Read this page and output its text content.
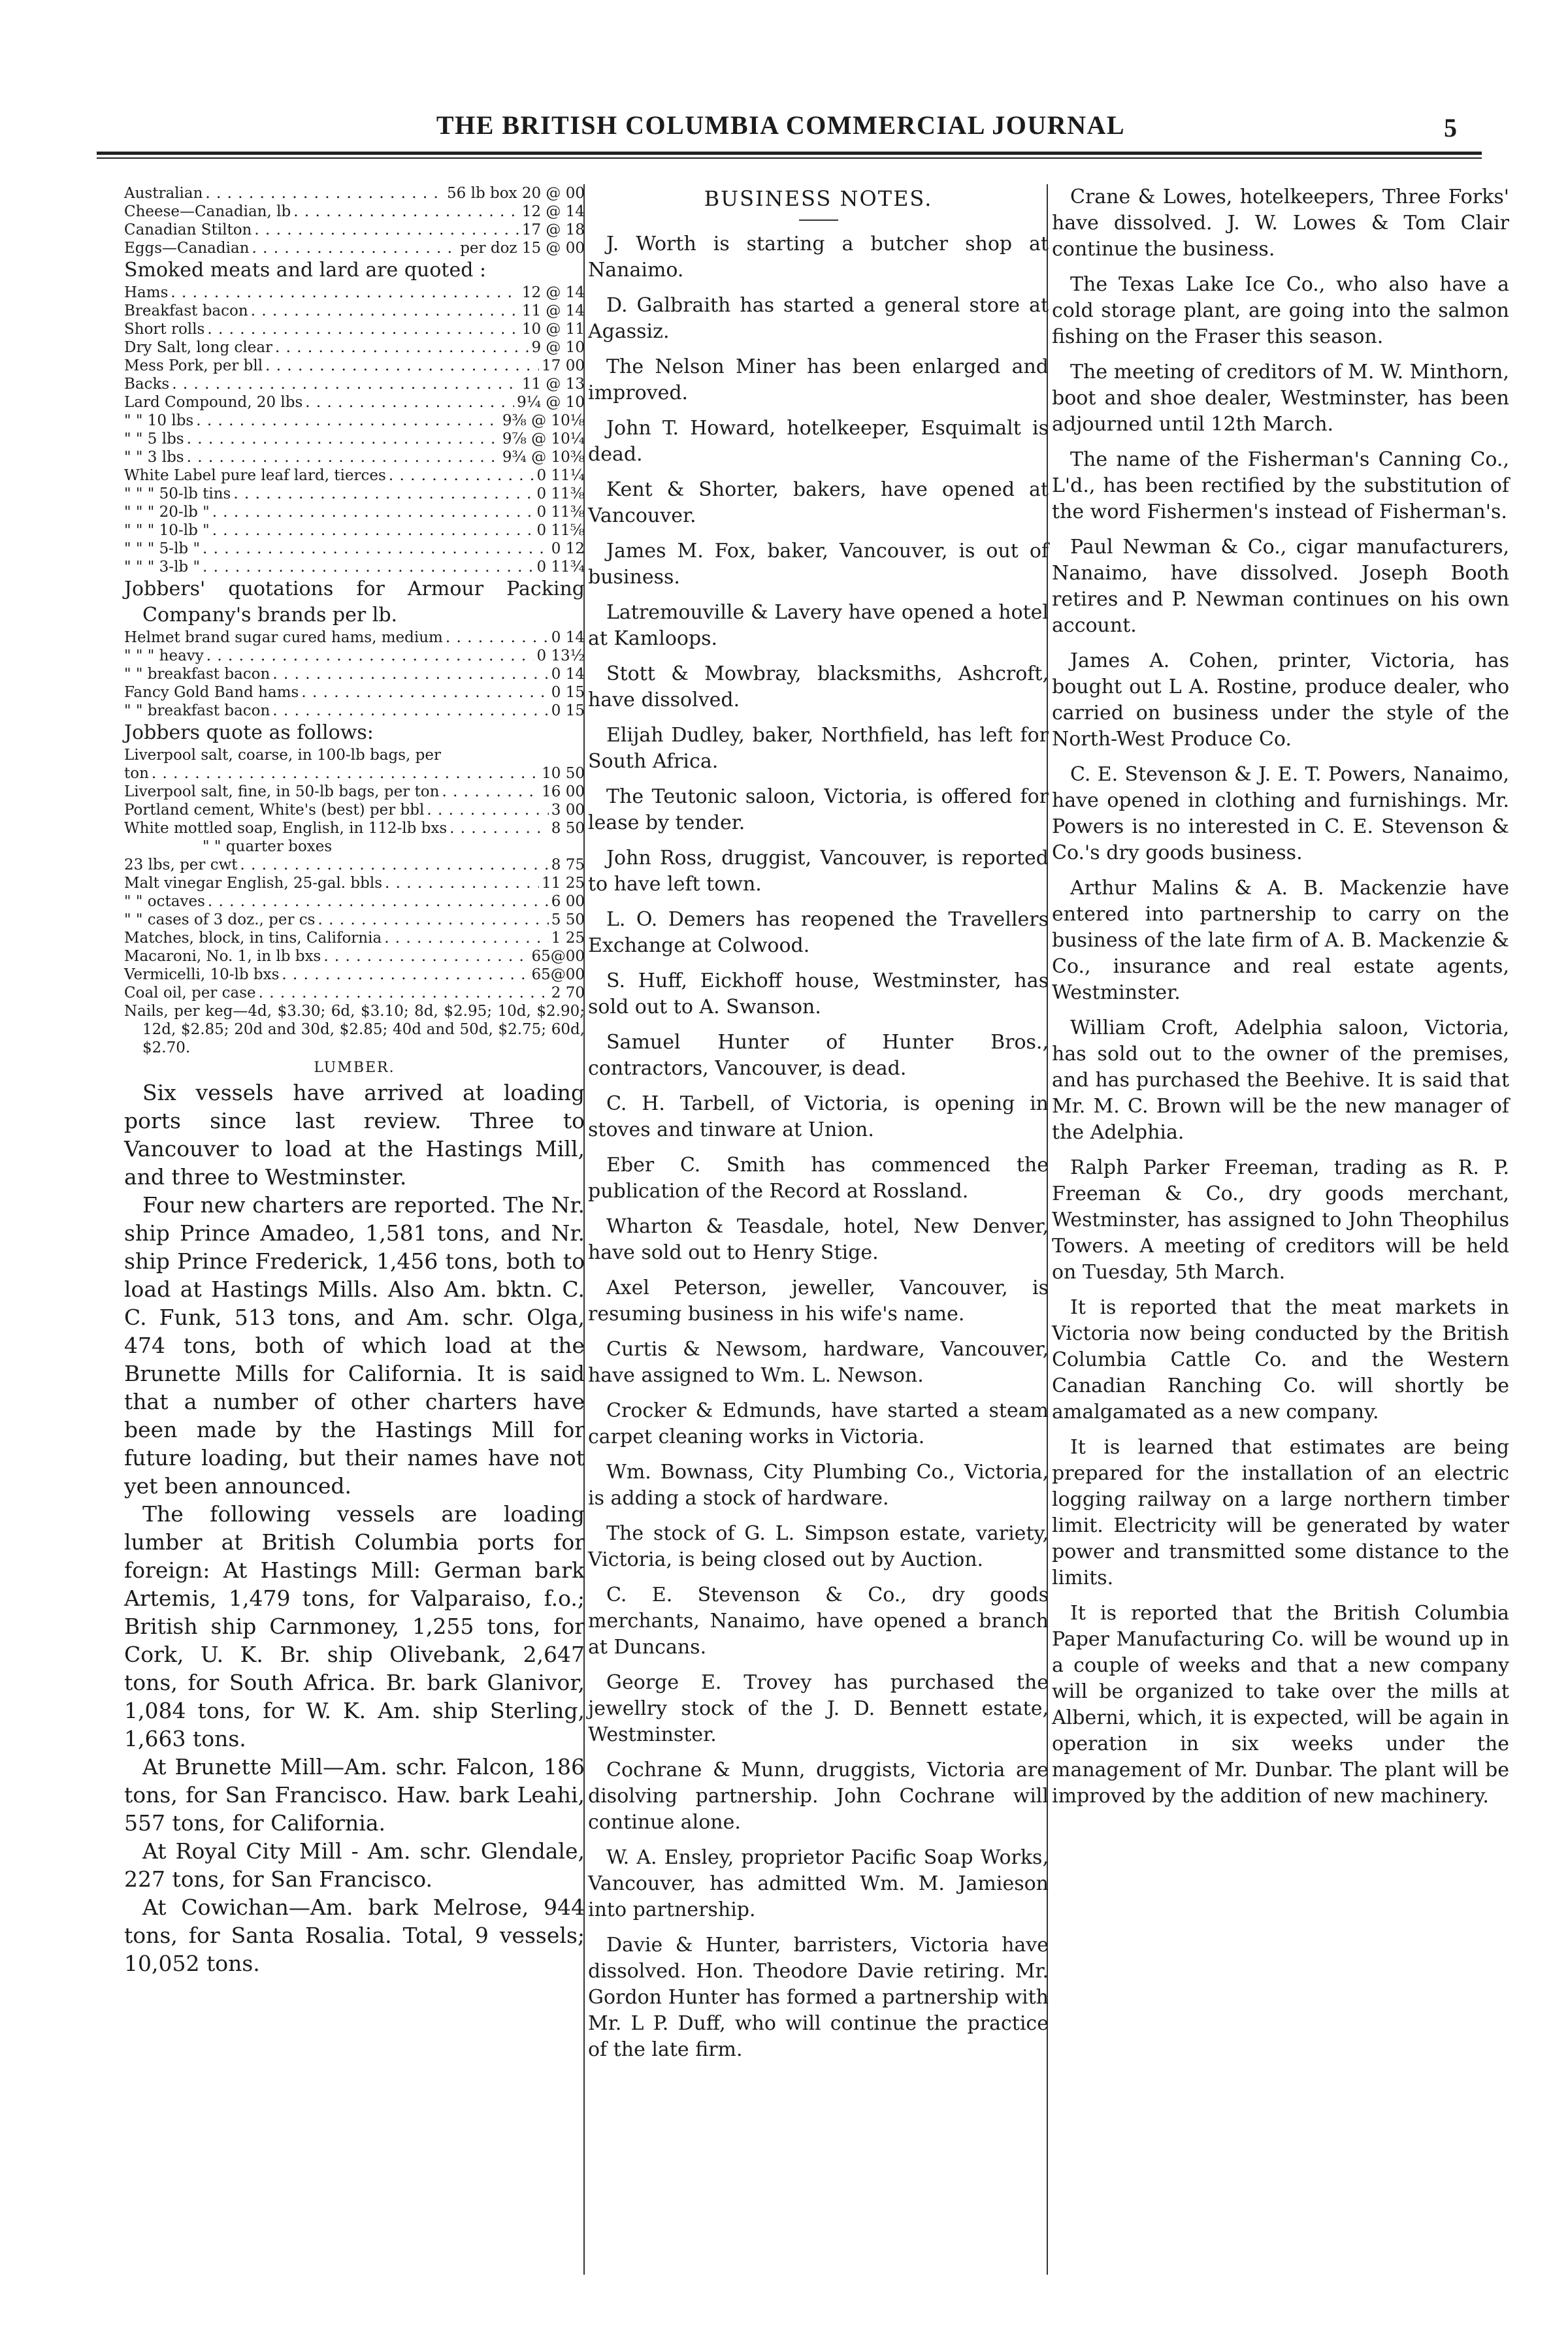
THE BRITISH COLUMBIA COMMERCIAL JOURNAL	5
Australian . . .	56 lb box 20 @ 00
Cheese—Canadian, lb . . .	12 @ 14
Canadian Stilton . . .	17 @ 18
Eggs—Canadian . . .	per doz 15 @ 00
Smoked meats and lard are quoted :
Hams . . .	12 @ 14
Breakfast bacon . . .	11 @ 14
Short rolls . . .	10 @ 11
Dry Salt, long clear . . .	9 @ 10
Mess Pork, per bll . . .	17 00
Backs . . .	11 @ 13
Lard Compound, 20 lbs . . .	9¼ @ 10
" " 10 lbs . . .	9⅜ @ 10⅛
" " 5 lbs . . .	9⅞ @ 10¼
" " 3 lbs . . .	9¾ @ 10⅜
White Label pure leaf lard, tierces . . .	0 11¼
" " " 50-lb tins . . .	0 11⅜
" " " 20-lb " . . .	0 11⅜
" " " 10-lb " . . .	0 11⅝
" " " 5-lb " . . .	0 12
" " " 3-lb " . . .	0 11¾
Jobbers' quotations for Armour Packing Company's brands per lb.
Helmet brand sugar cured hams, medium . . .	0 14
" " " heavy . . .	0 13½
" " breakfast bacon . . .	0 14
Fancy Gold Band hams . . .	0 15
" " breakfast bacon . . .	0 15
Jobbers quote as follows:
Liverpool salt, coarse, in 100-lb bags, per
ton . . .	10 50
Liverpool salt, fine, in 50-lb bags, per ton . . .	16 00
Portland cement, White's (best) per bbl . . .	3 00
White mottled soap, English, in 112-lb bxs . . .	8 50
" " quarter boxes
23 lbs, per cwt . . .	8 75
Malt vinegar English, 25-gal. bbls . . .	11 25
" " octaves . . .	6 00
" " cases of 3 doz., per cs . . .	5 50
Matches, block, in tins, California . . .	1 25
Macaroni, No. 1, in lb bxs . . .	65@00
Vermicelli, 10-lb bxs . . .	65@00
Coal oil, per case . . .	2 70
Nails, per keg—4d, $3.30; 6d, $3.10; 8d, $2.95; 10d, $2.90; 12d, $2.85; 20d and 30d, $2.85; 40d and 50d, $2.75; 60d, $2.70.
LUMBER.
Six vessels have arrived at loading ports since last review. Three to Vancouver to load at the Hastings Mill, and three to Westminster.
Four new charters are reported. The Nr. ship Prince Amadeo, 1,581 tons, and Nr. ship Prince Frederick, 1,456 tons, both to load at Hastings Mills. Also Am. bktn. C. C. Funk, 513 tons, and Am. schr. Olga, 474 tons, both of which load at the Brunette Mills for California. It is said that a number of other charters have been made by the Hastings Mill for future loading, but their names have not yet been announced.
The following vessels are loading lumber at British Columbia ports for foreign: At Hastings Mill: German bark Artemis, 1,479 tons, for Valparaiso, f.o.; British ship Carnmoney, 1,255 tons, for Cork, U. K. Br. ship Olivebank, 2,647 tons, for South Africa. Br. bark Glanivor, 1,084 tons, for W. K. Am. ship Sterling, 1,663 tons.
At Brunette Mill—Am. schr. Falcon, 186 tons, for San Francisco. Haw. bark Leahi, 557 tons, for California.
At Royal City Mill - Am. schr. Glendale, 227 tons, for San Francisco.
At Cowichan—Am. bark Melrose, 944 tons, for Santa Rosalia. Total, 9 vessels; 10,052 tons.
BUSINESS NOTES.
J. Worth is starting a butcher shop at Nanaimo.
D. Galbraith has started a general store at Agassiz.
The Nelson Miner has been enlarged and improved.
John T. Howard, hotelkeeper, Esquimalt is dead.
Kent & Shorter, bakers, have opened at Vancouver.
James M. Fox, baker, Vancouver, is out of business.
Latremouville & Lavery have opened a hotel at Kamloops.
Stott & Mowbray, blacksmiths, Ashcroft, have dissolved.
Elijah Dudley, baker, Northfield, has left for South Africa.
The Teutonic saloon, Victoria, is offered for lease by tender.
John Ross, druggist, Vancouver, is reported to have left town.
L. O. Demers has reopened the Travellers Exchange at Colwood.
S. Huff, Eickhoff house, Westminster, has sold out to A. Swanson.
Samuel Hunter of Hunter Bros., contractors, Vancouver, is dead.
C. H. Tarbell, of Victoria, is opening in stoves and tinware at Union.
Eber C. Smith has commenced the publication of the Record at Rossland.
Wharton & Teasdale, hotel, New Denver, have sold out to Henry Stige.
Axel Peterson, jeweller, Vancouver, is resuming business in his wife's name.
Curtis & Newsom, hardware, Vancouver, have assigned to Wm. L. Newson.
Crocker & Edmunds, have started a steam carpet cleaning works in Victoria.
Wm. Bownass, City Plumbing Co., Victoria, is adding a stock of hardware.
The stock of G. L. Simpson estate, variety, Victoria, is being closed out by Auction.
C. E. Stevenson & Co., dry goods merchants, Nanaimo, have opened a branch at Duncans.
George E. Trovey has purchased the jewellry stock of the J. D. Bennett estate, Westminster.
Cochrane & Munn, druggists, Victoria are disolving partnership. John Cochrane will continue alone.
W. A. Ensley, proprietor Pacific Soap Works, Vancouver, has admitted Wm. M. Jamieson into partnership.
Davie & Hunter, barristers, Victoria have dissolved. Hon. Theodore Davie retiring. Mr. Gordon Hunter has formed a partnership with Mr. L P. Duff, who will continue the practice of the late firm.
Crane & Lowes, hotelkeepers, Three Forks' have dissolved. J. W. Lowes & Tom Clair continue the business.
The Texas Lake Ice Co., who also have a cold storage plant, are going into the salmon fishing on the Fraser this season.
The meeting of creditors of M. W. Minthorn, boot and shoe dealer, Westminster, has been adjourned until 12th March.
The name of the Fisherman's Canning Co., L'd., has been rectified by the substitution of the word Fishermen's instead of Fisherman's.
Paul Newman & Co., cigar manufacturers, Nanaimo, have dissolved. Joseph Booth retires and P. Newman continues on his own account.
James A. Cohen, printer, Victoria, has bought out L A. Rostine, produce dealer, who carried on business under the style of the North-West Produce Co.
C. E. Stevenson & J. E. T. Powers, Nanaimo, have opened in clothing and furnishings. Mr. Powers is no interested in C. E. Stevenson & Co.'s dry goods business.
Arthur Malins & A. B. Mackenzie have entered into partnership to carry on the business of the late firm of A. B. Mackenzie & Co., insurance and real estate agents, Westminster.
William Croft, Adelphia saloon, Victoria, has sold out to the owner of the premises, and has purchased the Beehive. It is said that Mr. M. C. Brown will be the new manager of the Adelphia.
Ralph Parker Freeman, trading as R. P. Freeman & Co., dry goods merchant, Westminster, has assigned to John Theophilus Towers. A meeting of creditors will be held on Tuesday, 5th March.
It is reported that the meat markets in Victoria now being conducted by the British Columbia Cattle Co. and the Western Canadian Ranching Co. will shortly be amalgamated as a new company.
It is learned that estimates are being prepared for the installation of an electric logging railway on a large northern timber limit. Electricity will be generated by water power and transmitted some distance to the limits.
It is reported that the British Columbia Paper Manufacturing Co. will be wound up in a couple of weeks and that a new company will be organized to take over the mills at Alberni, which, it is expected, will be again in operation in six weeks under the management of Mr. Dunbar. The plant will be improved by the addition of new machinery.
